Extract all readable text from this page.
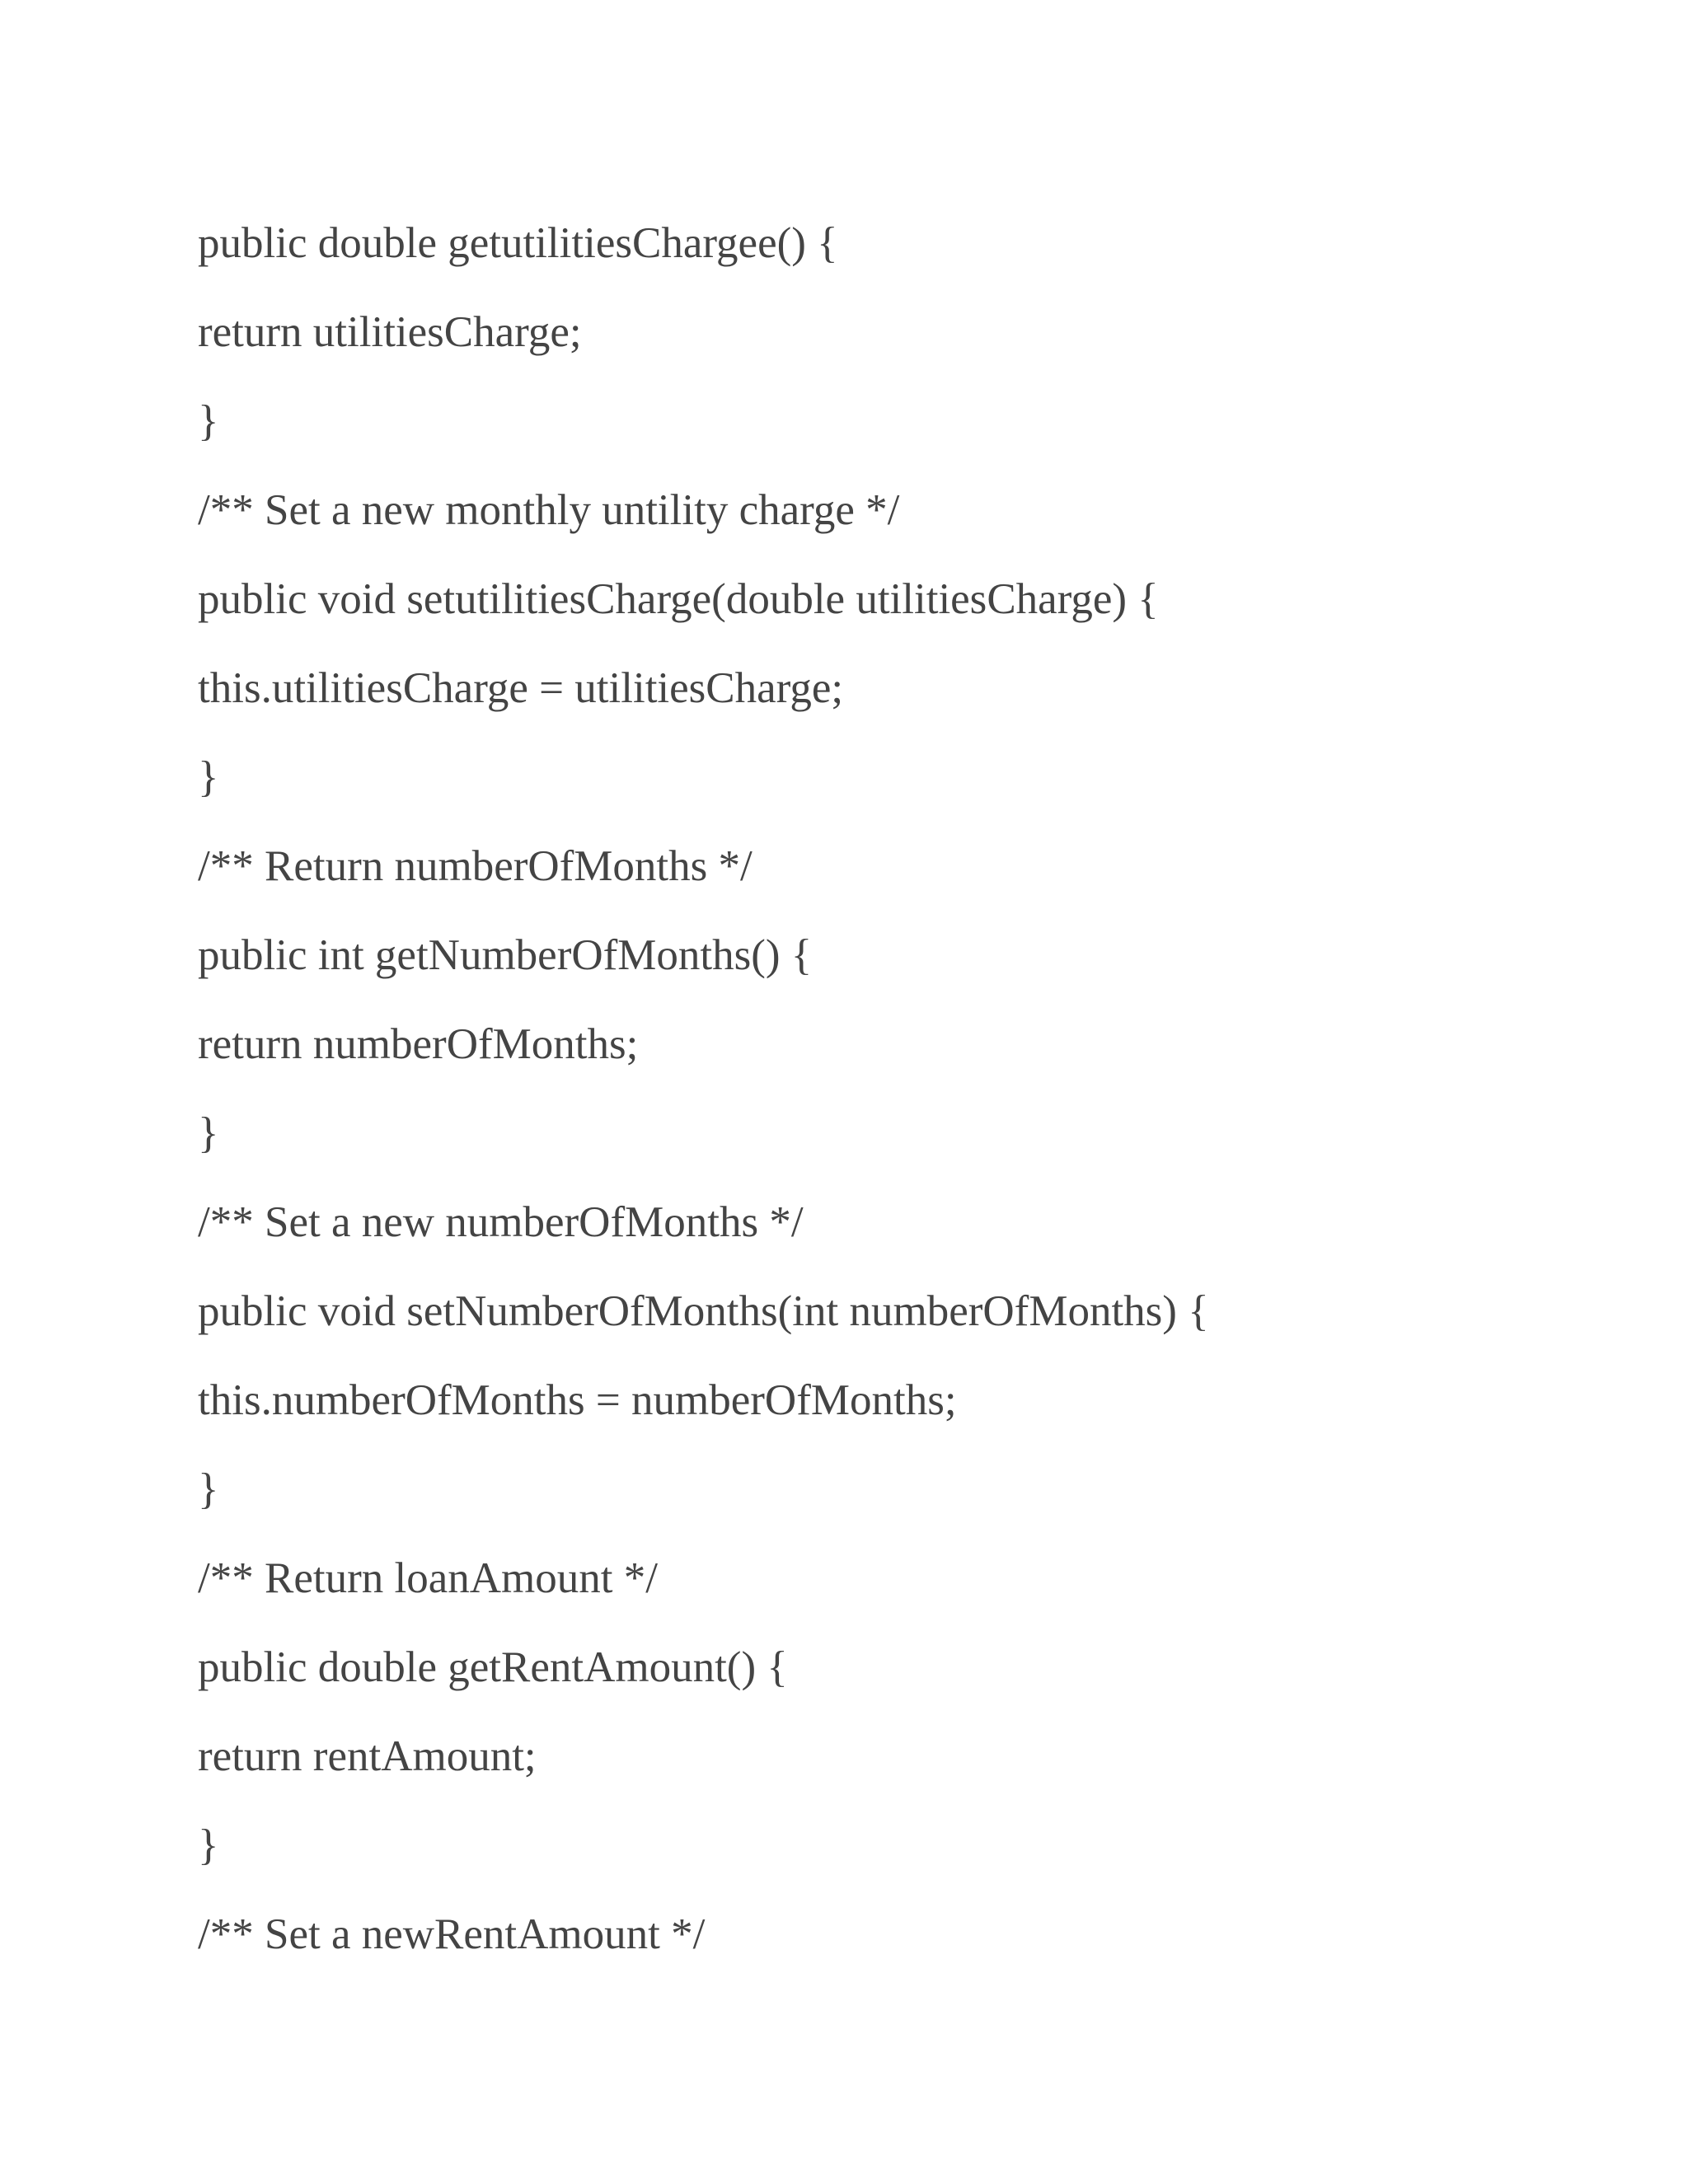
public double getutilitiesChargee() {
return utilitiesCharge;
}
/** Set a new monthly untility charge */
public void setutilitiesCharge(double utilitiesCharge) {
this.utilitiesCharge = utilitiesCharge;
}
/** Return numberOfMonths */
public int getNumberOfMonths() {
return numberOfMonths;
}
/** Set a new numberOfMonths */
public void setNumberOfMonths(int numberOfMonths) {
this.numberOfMonths = numberOfMonths;
}
/** Return loanAmount */
public double getRentAmount() {
return rentAmount;
}
/** Set a newRentAmount */
